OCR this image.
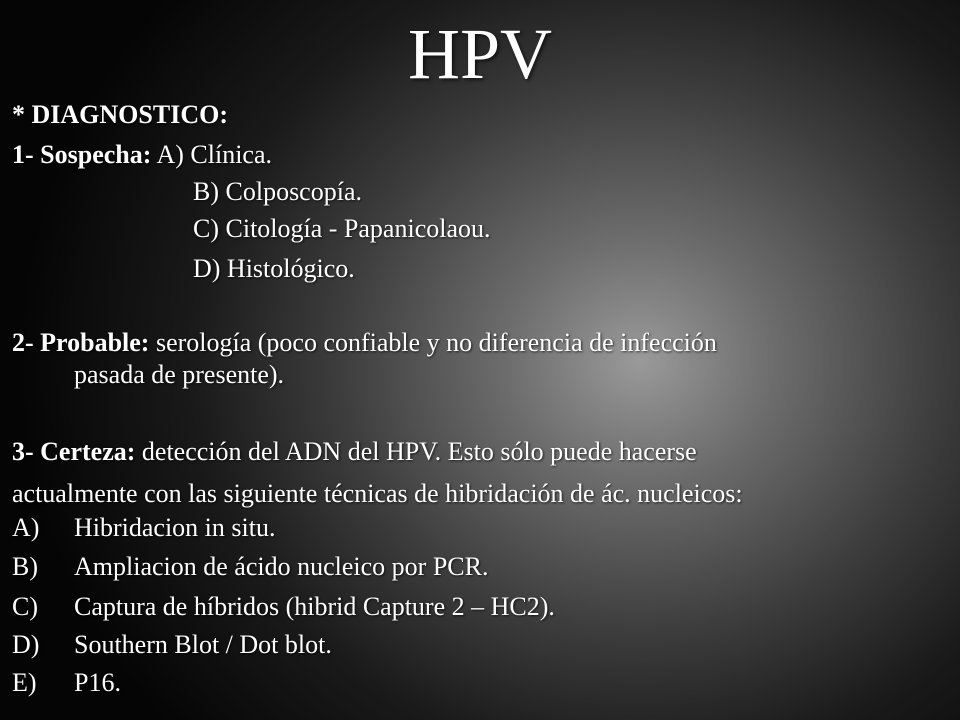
HPV
* DIAGNOSTICO:
1- Sospecha: A) Clínica.
B) Colposcopía.
C) Citología - Papanicolaou.
D) Histológico.
2- Probable: serología (poco confiable y no diferencia de infección
pasada de presente).
3- Certeza: detección del ADN del HPV. Esto sólo puede hacerse
actualmente con las siguiente técnicas de hibridación de ác. nucleicos:
A) Hibridacion in situ.
B) Ampliacion de ácido nucleico por PCR.
C) Captura de híbridos (hibrid Capture 2 – HC2).
D) Southern Blot / Dot blot.
E) P16.
